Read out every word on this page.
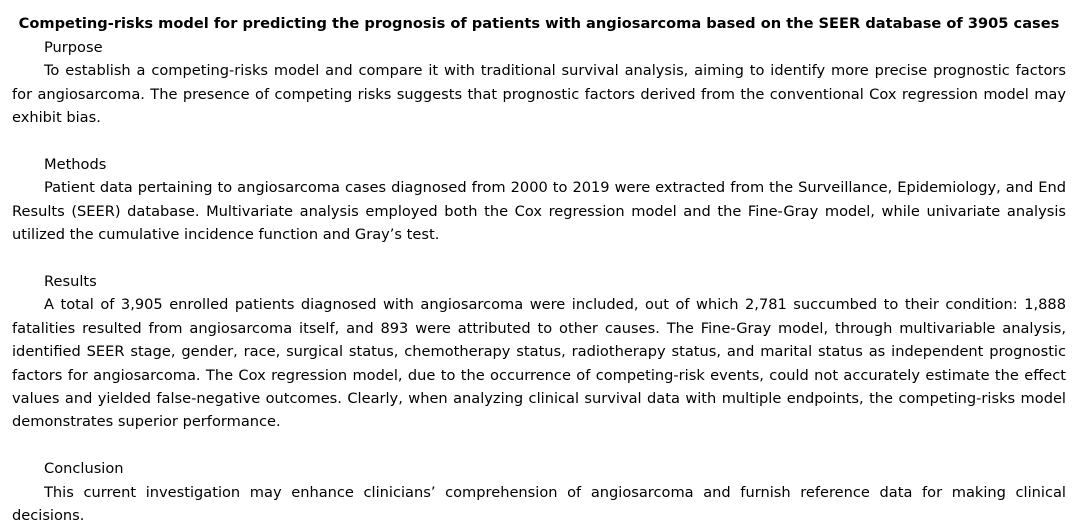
Competing-risks model for predicting the prognosis of patients with angiosarcoma based on the SEER database of 3905 cases

Purpose

To establish a competing-risks model and compare it with traditional survival analysis, aiming to identify more precise prognostic factors for angiosarcoma. The presence of competing risks suggests that prognostic factors derived from the conventional Cox regression model may exhibit bias.

Methods

Patient data pertaining to angiosarcoma cases diagnosed from 2000 to 2019 were extracted from the Surveillance, Epidemiology, and End Results (SEER) database. Multivariate analysis employed both the Cox regression model and the Fine-Gray model, while univariate analysis utilized the cumulative incidence function and Gray’s test.

Results

A total of 3,905 enrolled patients diagnosed with angiosarcoma were included, out of which 2,781 succumbed to their condition: 1,888 fatalities resulted from angiosarcoma itself, and 893 were attributed to other causes. The Fine-Gray model, through multivariable analysis, identified SEER stage, gender, race, surgical status, chemotherapy status, radiotherapy status, and marital status as independent prognostic factors for angiosarcoma. The Cox regression model, due to the occurrence of competing-risk events, could not accurately estimate the effect values and yielded false-negative outcomes. Clearly, when analyzing clinical survival data with multiple endpoints, the competing-risks model demonstrates superior performance.

Conclusion

This current investigation may enhance clinicians’ comprehension of angiosarcoma and furnish reference data for making clinical decisions.
